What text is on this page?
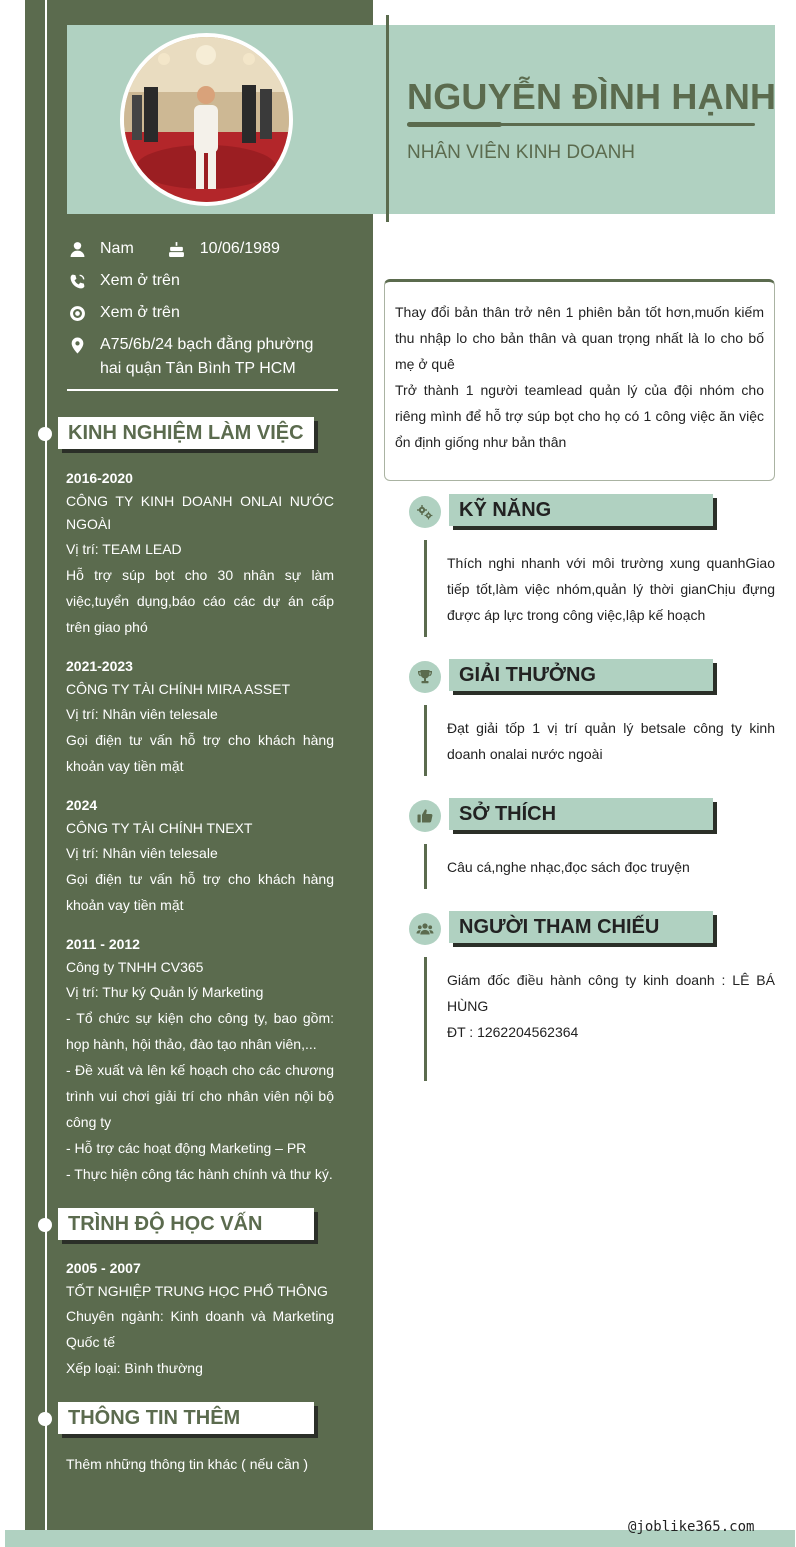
NGUYỄN ĐÌNH HẠNH
NHÂN VIÊN KINH DOANH
Nam	10/06/1989
Xem ở trên
Xem ở trên
A75/6b/24 bạch đằng phường
hai quận Tân Bình TP HCM
KINH NGHIỆM LÀM VIỆC
2016-2020
CÔNG TY KINH DOANH ONLAI NƯỚC NGOÀI
Vị trí: TEAM LEAD
Hỗ trợ súp bọt cho 30 nhân sự làm việc,tuyển dụng,báo cáo các dự án cấp trên giao phó
2021-2023
CÔNG TY TÀI CHÍNH MIRA ASSET
Vị trí: Nhân viên telesale
Gọi điện tư vấn hỗ trợ cho khách hàng khoản vay tiền mặt
2024
CÔNG TY TÀI CHÍNH TNEXT
Vị trí: Nhân viên telesale
Gọi điện tư vấn hỗ trợ cho khách hàng khoản vay tiền mặt
2011 - 2012
Công ty TNHH CV365
Vị trí: Thư ký Quản lý Marketing
- Tổ chức sự kiện cho công ty, bao gồm: họp hành, hội thảo, đào tạo nhân viên,...
- Đề xuất và lên kế hoạch cho các chương trình vui chơi giải trí cho nhân viên nội bộ công ty
- Hỗ trợ các hoạt động Marketing – PR
- Thực hiện công tác hành chính và thư ký.
TRÌNH ĐỘ HỌC VẤN
2005 - 2007
TỐT NGHIỆP TRUNG HỌC PHỔ THÔNG
Chuyên ngành: Kinh doanh và Marketing Quốc tế
Xếp loại: Bình thường
THÔNG TIN THÊM
Thêm những thông tin khác ( nếu cần )
Thay đổi bản thân trở nên 1 phiên bản tốt hơn,muốn kiếm thu nhập lo cho bản thân và quan trọng nhất là lo cho bố mẹ ở quê
Trở thành 1 người teamlead quản lý của đội nhóm cho riêng mình để hỗ trợ súp bọt cho họ có 1 công việc ăn việc ổn định giống như bản thân
KỸ NĂNG
Thích nghi nhanh với môi trường xung quanhGiao tiếp tốt,làm việc nhóm,quản lý thời gianChịu đựng được áp lực trong công việc,lập kế hoạch
GIẢI THƯỞNG
Đạt giải tốp 1 vị trí quản lý betsale công ty kinh doanh onalai nước ngoài
SỞ THÍCH
Câu cá,nghe nhạc,đọc sách đọc truyện
NGƯỜI THAM CHIẾU
Giám đốc điều hành công ty kinh doanh : LÊ BÁ HÙNG
ĐT : 1262204562364
@joblike365.com
